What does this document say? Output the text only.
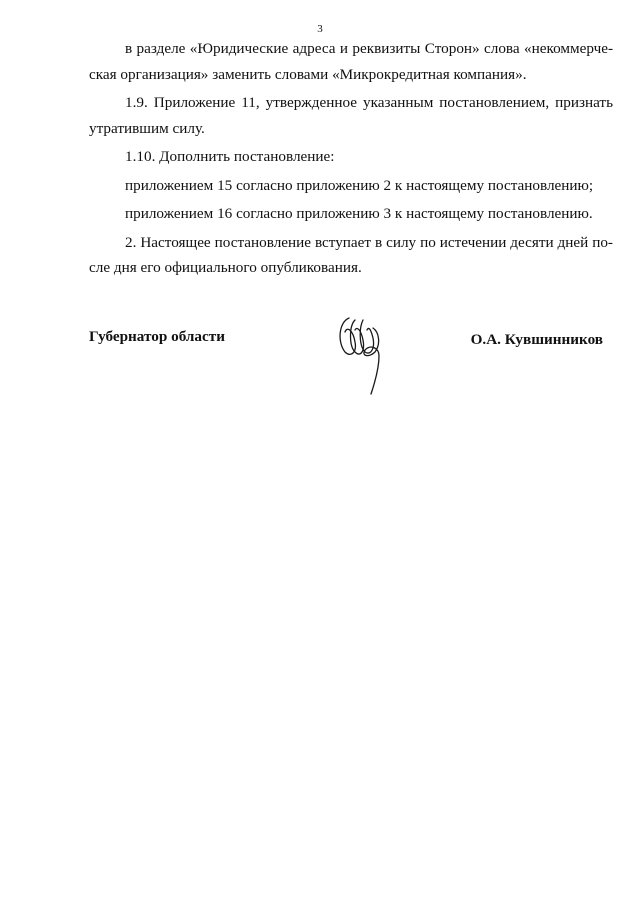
3
в разделе «Юридические адреса и реквизиты Сторон» слова «некоммерче-
ская организация» заменить словами «Микрокредитная компания».
1.9. Приложение 11, утвержденное указанным постановлением, признать
утратившим силу.
1.10. Дополнить постановление:
приложением 15 согласно приложению 2 к настоящему постановлению;
приложением 16 согласно приложению 3 к настоящему постановлению.
2. Настоящее постановление вступает в силу по истечении десяти дней по-
сле дня его официального опубликования.
Губернатор области	О.А. Кувшинников
